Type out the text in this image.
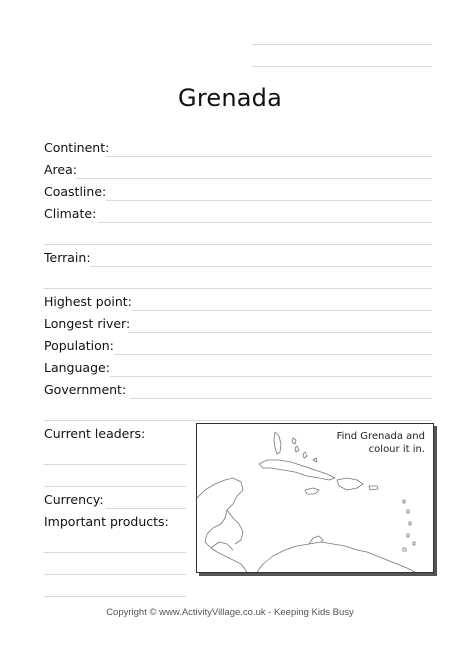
Grenada
Continent:
Area:
Coastline:
Climate:
Terrain:
Highest point:
Longest river:
Population:
Language:
Government:
Current leaders:
Currency:
Important products:
Find Grenada and
colour it in.
Copyright © www.ActivityVillage.co.uk - Keeping Kids Busy
